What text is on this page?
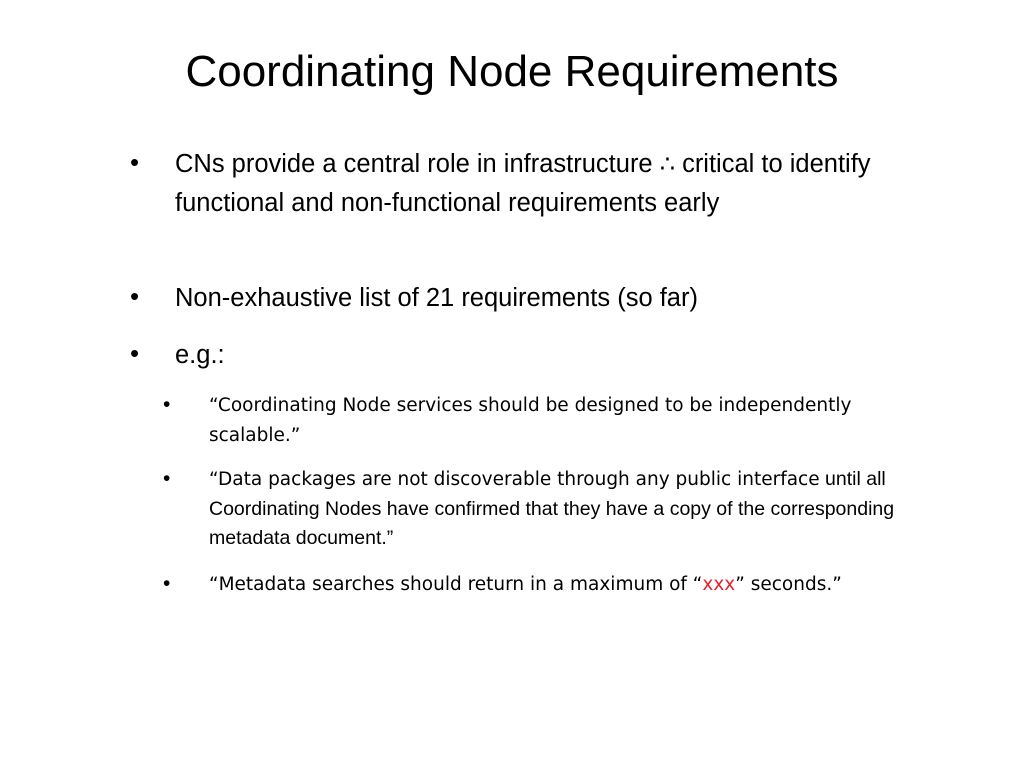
Coordinating Node Requirements
• CNs provide a central role in infrastructure ∴ critical to identify functional and non-functional requirements early
• Non-exhaustive list of 21 requirements (so far)
• e.g.:
• “Coordinating Node services should be designed to be independently scalable.”
• “Data packages are not discoverable through any public interface until all Coordinating Nodes have confirmed that they have a copy of the corresponding metadata document.”
• “Metadata searches should return in a maximum of “xxx” seconds.”
